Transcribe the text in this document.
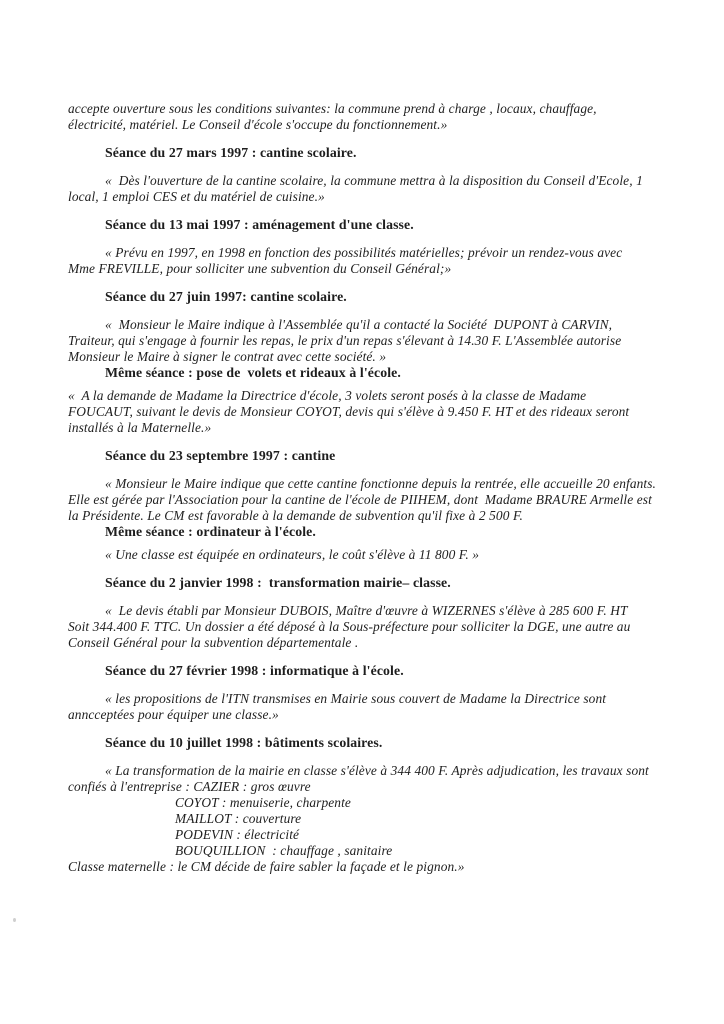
accepte ouverture sous les conditions suivantes: la commune prend à charge , locaux, chauffage,
électricité, matériel. Le Conseil d'école s'occupe du fonctionnement.»
Séance du 27 mars 1997 : cantine scolaire.
«  Dès l'ouverture de la cantine scolaire, la commune mettra à la disposition du Conseil d'Ecole, 1
local, 1 emploi CES et du matériel de cuisine.»
Séance du 13 mai 1997 : aménagement d'une classe.
« Prévu en 1997, en 1998 en fonction des possibilités matérielles; prévoir un rendez-vous avec
Mme FREVILLE, pour solliciter une subvention du Conseil Général;»
Séance du 27 juin 1997: cantine scolaire.
«  Monsieur le Maire indique à l'Assemblée qu'il a contacté la Société  DUPONT à CARVIN,
Traiteur, qui s'engage à fournir les repas, le prix d'un repas s'élevant à 14.30 F. L'Assemblée autorise
Monsieur le Maire à signer le contrat avec cette société. »
Même séance : pose de  volets et rideaux à l'école.
«  A la demande de Madame la Directrice d'école, 3 volets seront posés à la classe de Madame
FOUCAUT, suivant le devis de Monsieur COYOT, devis qui s'élève à 9.450 F. HT et des rideaux seront
installés à la Maternelle.»
Séance du 23 septembre 1997 : cantine
« Monsieur le Maire indique que cette cantine fonctionne depuis la rentrée, elle accueille 20 enfants.
Elle est gérée par l'Association pour la cantine de l'école de PIIHEM, dont  Madame BRAURE Armelle est
la Présidente. Le CM est favorable à la demande de subvention qu'il fixe à 2 500 F.
Même séance : ordinateur à l'école.
« Une classe est équipée en ordinateurs, le coût s'élève à 11 800 F. »
Séance du 2 janvier 1998 :  transformation mairie– classe.
«  Le devis établi par Monsieur DUBOIS, Maître d'œuvre à WIZERNES s'élève à 285 600 F. HT
Soit 344.400 F. TTC. Un dossier a été déposé à la Sous-préfecture pour solliciter la DGE, une autre au
Conseil Général pour la subvention départementale .
Séance du 27 février 1998 : informatique à l'école.
« les propositions de l'ITN transmises en Mairie sous couvert de Madame la Directrice sont
anncceptées pour équiper une classe.»
Séance du 10 juillet 1998 : bâtiments scolaires.
« La transformation de la mairie en classe s'élève à 344 400 F. Après adjudication, les travaux sont
confiés à l'entreprise : CAZIER : gros œuvre
COYOT : menuiserie, charpente
MAILLOT : couverture
PODEVIN : électricité
BOUQUILLION  : chauffage , sanitaire
Classe maternelle : le CM décide de faire sabler la façade et le pignon.»
